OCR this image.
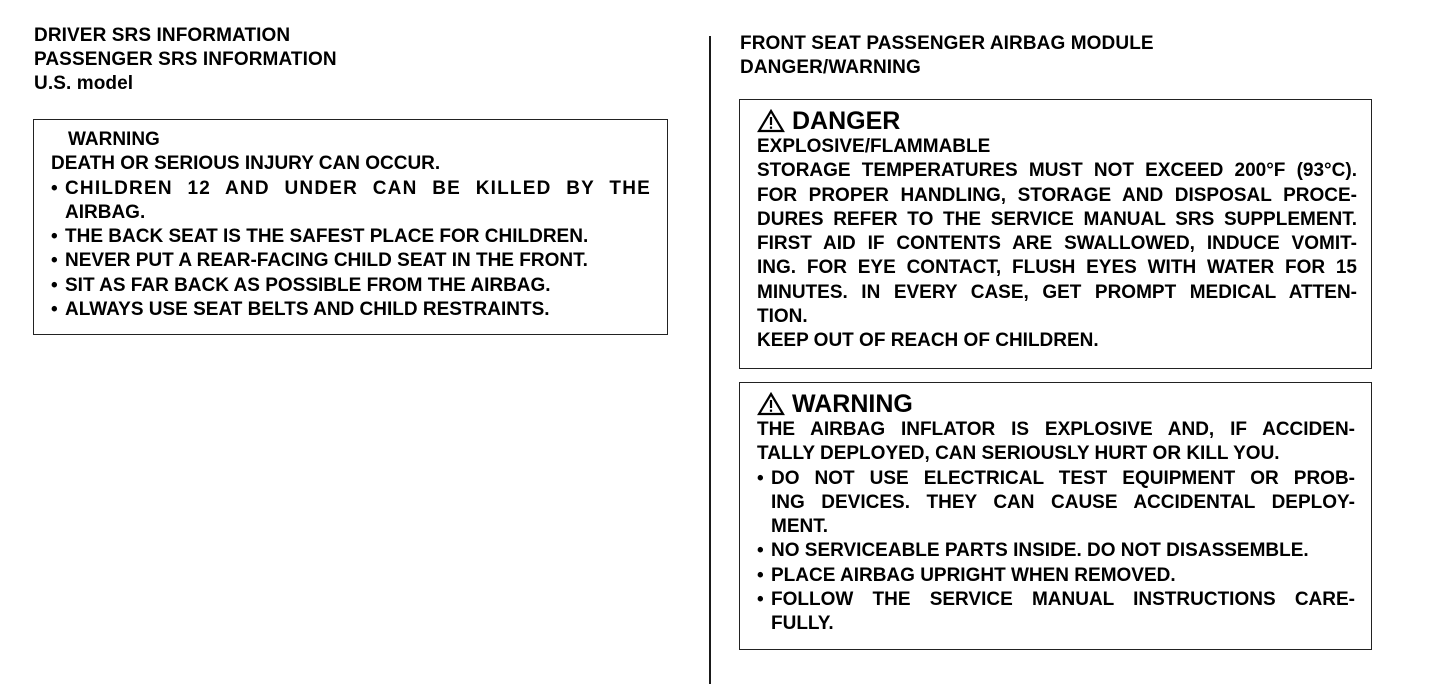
DRIVER SRS INFORMATION
PASSENGER SRS INFORMATION
U.S. model
WARNING
DEATH OR SERIOUS INJURY CAN OCCUR.
• CHILDREN 12 AND UNDER CAN BE KILLED BY THE
AIRBAG.
• THE BACK SEAT IS THE SAFEST PLACE FOR CHILDREN.
• NEVER PUT A REAR-FACING CHILD SEAT IN THE FRONT.
• SIT AS FAR BACK AS POSSIBLE FROM THE AIRBAG.
• ALWAYS USE SEAT BELTS AND CHILD RESTRAINTS.
FRONT SEAT PASSENGER AIRBAG MODULE
DANGER/WARNING
DANGER
EXPLOSIVE/FLAMMABLE
STORAGE TEMPERATURES MUST NOT EXCEED 200°F (93°C).
FOR PROPER HANDLING, STORAGE AND DISPOSAL PROCE-
DURES REFER TO THE SERVICE MANUAL SRS SUPPLEMENT.
FIRST AID IF CONTENTS ARE SWALLOWED, INDUCE VOMIT-
ING. FOR EYE CONTACT, FLUSH EYES WITH WATER FOR 15
MINUTES. IN EVERY CASE, GET PROMPT MEDICAL ATTEN-
TION.
KEEP OUT OF REACH OF CHILDREN.
WARNING
THE AIRBAG INFLATOR IS EXPLOSIVE AND, IF ACCIDEN-
TALLY DEPLOYED, CAN SERIOUSLY HURT OR KILL YOU.
• DO NOT USE ELECTRICAL TEST EQUIPMENT OR PROB-
ING DEVICES. THEY CAN CAUSE ACCIDENTAL DEPLOY-
MENT.
• NO SERVICEABLE PARTS INSIDE. DO NOT DISASSEMBLE.
• PLACE AIRBAG UPRIGHT WHEN REMOVED.
• FOLLOW THE SERVICE MANUAL INSTRUCTIONS CARE-
FULLY.
